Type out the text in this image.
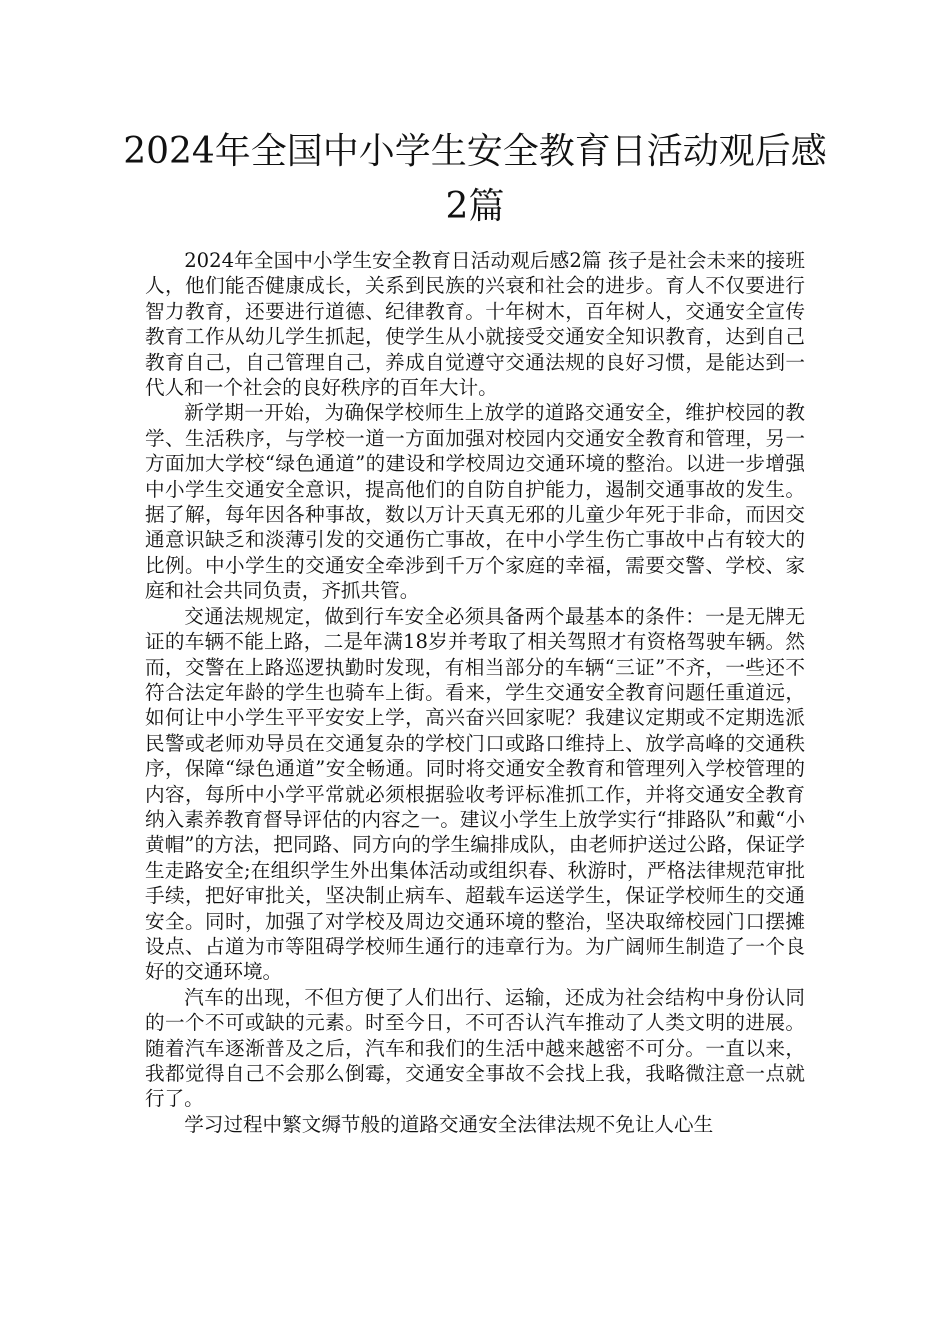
2024年全国中小学生安全教育日活动观后感2篇

2024年全国中小学生安全教育日活动观后感2篇 孩子是社会未来的接班人，他们能否健康成长，关系到民族的兴衰和社会的进步。育人不仅要进行智力教育，还要进行道德、纪律教育。十年树木，百年树人，交通安全宣传教育工作从幼儿学生抓起，使学生从小就接受交通安全知识教育，达到自己教育自己，自己管理自己，养成自觉遵守交通法规的良好习惯，是能达到一代人和一个社会的良好秩序的百年大计。

新学期一开始，为确保学校师生上放学的道路交通安全，维护校园的教学、生活秩序，与学校一道一方面加强对校园内交通安全教育和管理，另一方面加大学校“绿色通道”的建设和学校周边交通环境的整治。以进一步增强中小学生交通安全意识，提高他们的自防自护能力，遏制交通事故的发生。据了解，每年因各种事故，数以万计天真无邪的儿童少年死于非命，而因交通意识缺乏和淡薄引发的交通伤亡事故，在中小学生伤亡事故中占有较大的比例。中小学生的交通安全牵涉到千万个家庭的幸福，需要交警、学校、家庭和社会共同负责，齐抓共管。

交通法规规定，做到行车安全必须具备两个最基本的条件：一是无牌无证的车辆不能上路，二是年满18岁并考取了相关驾照才有资格驾驶车辆。然而，交警在上路巡逻执勤时发现，有相当部分的车辆“三证”不齐，一些还不符合法定年龄的学生也骑车上街。看来，学生交通安全教育问题任重道远，如何让中小学生平平安安上学，高兴奋兴回家呢？我建议定期或不定期选派民警或老师劝导员在交通复杂的学校门口或路口维持上、放学高峰的交通秩序，保障“绿色通道”安全畅通。同时将交通安全教育和管理列入学校管理的内容，每所中小学平常就必须根据验收考评标准抓工作，并将交通安全教育纳入素养教育督导评估的内容之一。建议小学生上放学实行“排路队”和戴“小黄帽”的方法，把同路、同方向的学生编排成队，由老师护送过公路，保证学生走路安全;在组织学生外出集体活动或组织春、秋游时，严格法律规范审批手续，把好审批关，坚决制止病车、超载车运送学生，保证学校师生的交通安全。同时，加强了对学校及周边交通环境的整治，坚决取缔校园门口摆摊设点、占道为市等阻碍学校师生通行的违章行为。为广阔师生制造了一个良好的交通环境。

汽车的出现，不但方便了人们出行、运输，还成为社会结构中身份认同的一个不可或缺的元素。时至今日，不可否认汽车推动了人类文明的进展。随着汽车逐渐普及之后，汽车和我们的生活中越来越密不可分。一直以来，我都觉得自己不会那么倒霉，交通安全事故不会找上我，我略微注意一点就行了。

学习过程中繁文缛节般的道路交通安全法律法规不免让人心生
